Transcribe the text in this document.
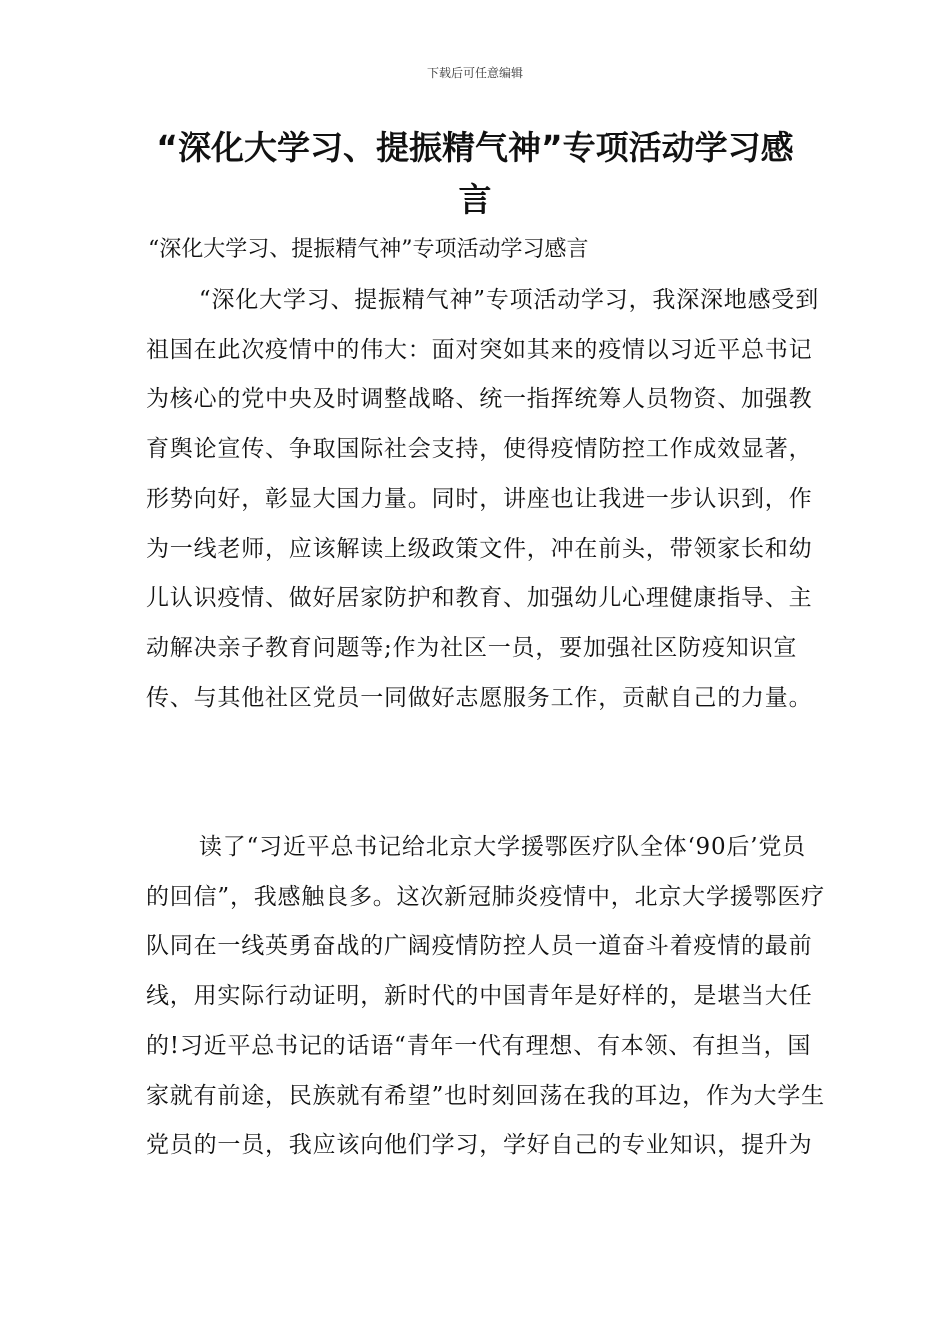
下载后可任意编辑
“深化大学习、提振精气神”专项活动学习感言
“深化大学习、提振精气神”专项活动学习感言

“深化大学习、提振精气神”专项活动学习，我深深地感受到祖国在此次疫情中的伟大：面对突如其来的疫情以习近平总书记为核心的党中央及时调整战略、统一指挥统筹人员物资、加强教育舆论宣传、争取国际社会支持，使得疫情防控工作成效显著，形势向好，彰显大国力量。同时，讲座也让我进一步认识到，作为一线老师，应该解读上级政策文件，冲在前头，带领家长和幼儿认识疫情、做好居家防护和教育、加强幼儿心理健康指导、主动解决亲子教育问题等;作为社区一员，要加强社区防疫知识宣传、与其他社区党员一同做好志愿服务工作，贡献自己的力量。

读了“习近平总书记给北京大学援鄂医疗队全体‘90后’党员的回信”，我感触良多。这次新冠肺炎疫情中，北京大学援鄂医疗队同在一线英勇奋战的广阔疫情防控人员一道奋斗着疫情的最前线，用实际行动证明，新时代的中国青年是好样的，是堪当大任的!习近平总书记的话语“青年一代有理想、有本领、有担当，国家就有前途，民族就有希望”也时刻回荡在我的耳边，作为大学生党员的一员，我应该向他们学习，学好自己的专业知识，提升为
